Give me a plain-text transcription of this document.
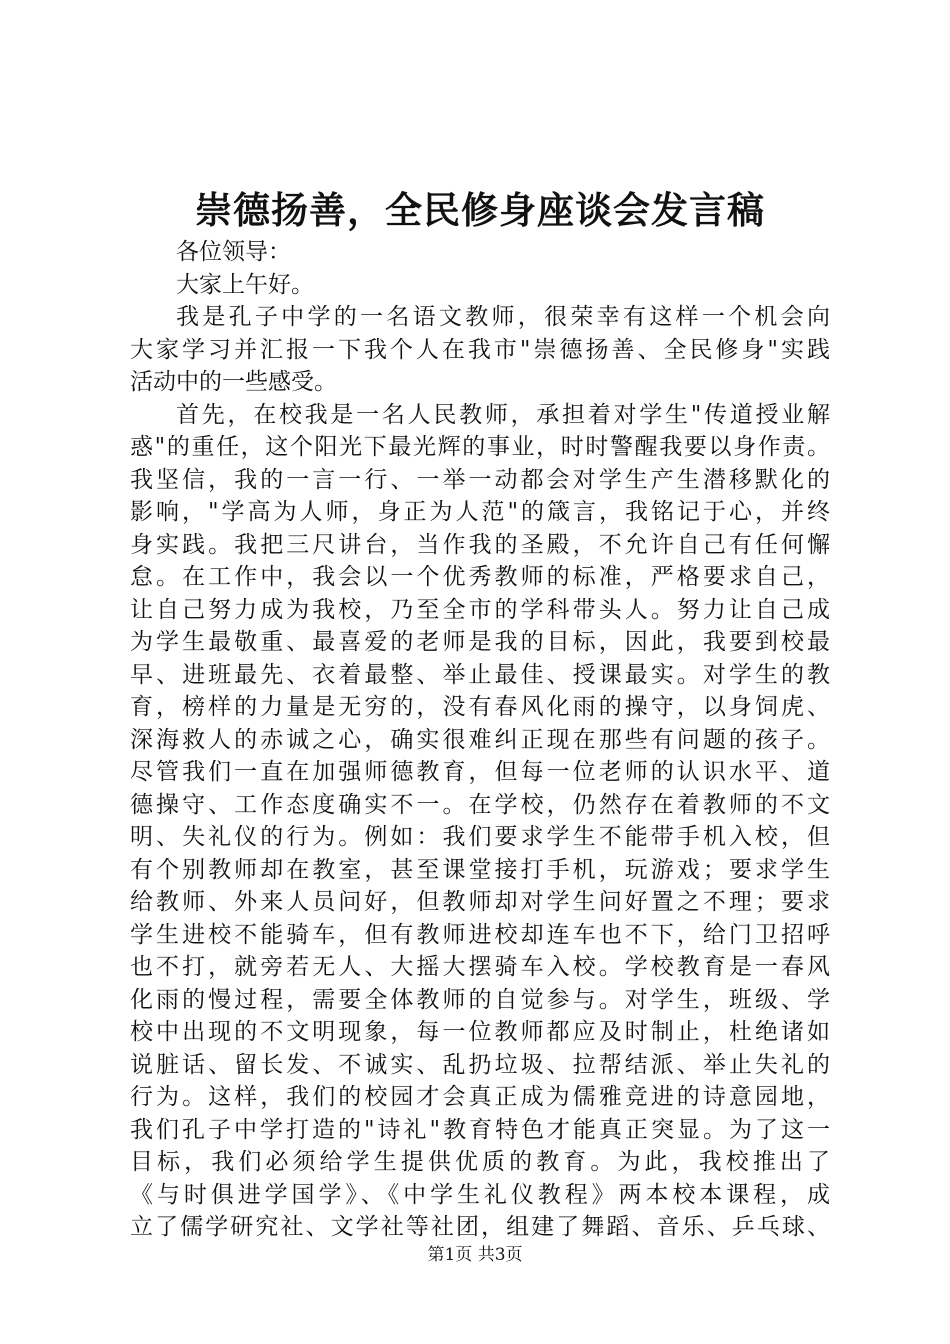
崇德扬善，全民修身座谈会发言稿
各位领导：
大家上午好。
我是孔子中学的一名语文教师，很荣幸有这样一个机会向
大家学习并汇报一下我个人在我市"崇德扬善、全民修身"实践
活动中的一些感受。
首先，在校我是一名人民教师，承担着对学生"传道授业解
惑"的重任，这个阳光下最光辉的事业，时时警醒我要以身作责。
我坚信，我的一言一行、一举一动都会对学生产生潜移默化的
影响，"学高为人师，身正为人范"的箴言，我铭记于心，并终
身实践。我把三尺讲台，当作我的圣殿，不允许自己有任何懈
怠。在工作中，我会以一个优秀教师的标准，严格要求自己，
让自己努力成为我校，乃至全市的学科带头人。努力让自己成
为学生最敬重、最喜爱的老师是我的目标，因此，我要到校最
早、进班最先、衣着最整、举止最佳、授课最实。对学生的教
育，榜样的力量是无穷的，没有春风化雨的操守，以身饲虎、
深海救人的赤诚之心，确实很难纠正现在那些有问题的孩子。
尽管我们一直在加强师德教育，但每一位老师的认识水平、道
德操守、工作态度确实不一。在学校，仍然存在着教师的不文
明、失礼仪的行为。例如：我们要求学生不能带手机入校，但
有个别教师却在教室，甚至课堂接打手机，玩游戏；要求学生
给教师、外来人员问好，但教师却对学生问好置之不理；要求
学生进校不能骑车，但有教师进校却连车也不下，给门卫招呼
也不打，就旁若无人、大摇大摆骑车入校。学校教育是一春风
化雨的慢过程，需要全体教师的自觉参与。对学生，班级、学
校中出现的不文明现象，每一位教师都应及时制止，杜绝诸如
说脏话、留长发、不诚实、乱扔垃圾、拉帮结派、举止失礼的
行为。这样，我们的校园才会真正成为儒雅竞进的诗意园地，
我们孔子中学打造的"诗礼"教育特色才能真正突显。为了这一
目标，我们必须给学生提供优质的教育。为此，我校推出了
《与时俱进学国学》、《中学生礼仪教程》两本校本课程，成
立了儒学研究社、文学社等社团，组建了舞蹈、音乐、乒乓球、
第1页 共3页
